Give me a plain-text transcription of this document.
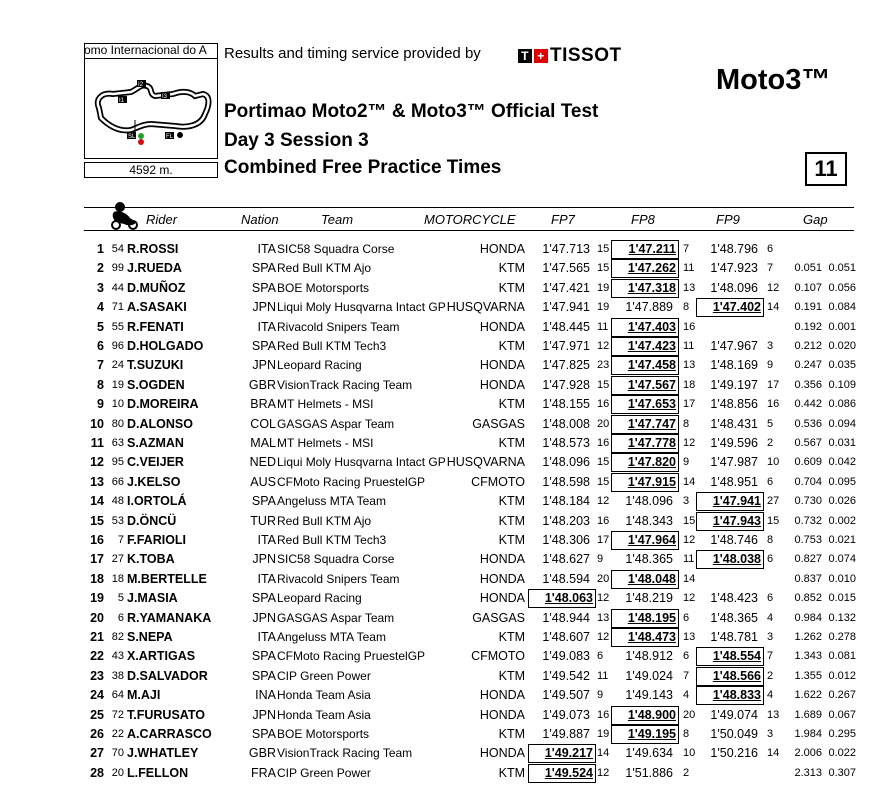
I2
I1
I3
SL	FL
omo Internacional do A
4592 m.
Results and timing service provided by	T + TISSOT
Moto3™
Portimao Moto2™ & Moto3™ Official Test
Day 3 Session 3
Combined Free Practice Times	11
Rider	Nation	Team	MOTORCYCLE	FP7	FP8	FP9	Gap
1 54 R.ROSSI	ITA SIC58 Squadra Corse	HONDA	1'47.713 15	1'47.211 7	1'48.796 6
2 99 J.RUEDA	SPA Red Bull KTM Ajo	KTM	1'47.565 15	1'47.262 11	1'47.923 7	0.051 0.051
3 44 D.MUÑOZ	SPA BOE Motorsports	KTM	1'47.421 19	1'47.318 13	1'48.096 12	0.107 0.056
4 71 A.SASAKI	JPN Liqui Moly Husqvarna Intact GP HUSQVARNA	1'47.941 19	1'47.889 8	1'47.402 14	0.191 0.084
5 55 R.FENATI	ITA Rivacold Snipers Team	HONDA	1'48.445 11	1'47.403 16	0.192 0.001
6 96 D.HOLGADO	SPA Red Bull KTM Tech3	KTM	1'47.971 12	1'47.423 11	1'47.967 3	0.212 0.020
7 24 T.SUZUKI	JPN Leopard Racing	HONDA	1'47.825 23	1'47.458 13	1'48.169 9	0.247 0.035
8 19 S.OGDEN	GBR VisionTrack Racing Team	HONDA	1'47.928 15	1'47.567 18	1'49.197 17	0.356 0.109
9 10 D.MOREIRA	BRA MT Helmets - MSI	KTM	1'48.155 16	1'47.653 17	1'48.856 16	0.442 0.086
10 80 D.ALONSO	COL GASGAS Aspar Team	GASGAS	1'48.008 20	1'47.747 8	1'48.431 5	0.536 0.094
11 63 S.AZMAN	MAL MT Helmets - MSI	KTM	1'48.573 16	1'47.778 12	1'49.596 2	0.567 0.031
12 95 C.VEIJER	NED Liqui Moly Husqvarna Intact GP HUSQVARNA	1'48.096 15	1'47.820 9	1'47.987 10	0.609 0.042
13 66 J.KELSO	AUS CFMoto Racing PruestelGP	CFMOTO	1'48.598 15	1'47.915 14	1'48.951 6	0.704 0.095
14 48 I.ORTOLÁ	SPA Angeluss MTA Team	KTM	1'48.184 12	1'48.096 3	1'47.941 27	0.730 0.026
15 53 D.ÖNCÜ	TUR Red Bull KTM Ajo	KTM	1'48.203 16	1'48.343 15	1'47.943 15	0.732 0.002
16	7 F.FARIOLI	ITA Red Bull KTM Tech3	KTM	1'48.306 17	1'47.964 12	1'48.746 8	0.753 0.021
17 27 K.TOBA	JPN SIC58 Squadra Corse	HONDA	1'48.627 9	1'48.365 11	1'48.038 6	0.827 0.074
18 18 M.BERTELLE	ITA Rivacold Snipers Team	HONDA	1'48.594 20	1'48.048 14	0.837 0.010
19	5 J.MASIA	SPA Leopard Racing	HONDA	1'48.063 12	1'48.219 12	1'48.423 6	0.852 0.015
20	6 R.YAMANAKA	JPN GASGAS Aspar Team	GASGAS	1'48.944 13	1'48.195 6	1'48.365 4	0.984 0.132
21 82 S.NEPA	ITA Angeluss MTA Team	KTM	1'48.607 12	1'48.473 13	1'48.781 3	1.262 0.278
22 43 X.ARTIGAS	SPA CFMoto Racing PruestelGP	CFMOTO	1'49.083 6	1'48.912 6	1'48.554 7	1.343 0.081
23 38 D.SALVADOR	SPA CIP Green Power	KTM	1'49.542 11	1'49.024 7	1'48.566 2	1.355 0.012
24 64 M.AJI	INA Honda Team Asia	HONDA	1'49.507 9	1'49.143 4	1'48.833 4	1.622 0.267
25 72 T.FURUSATO	JPN Honda Team Asia	HONDA	1'49.073 16	1'48.900 20	1'49.074 13	1.689 0.067
26 22 A.CARRASCO	SPA BOE Motorsports	KTM	1'49.887 19	1'49.195 8	1'50.049 3	1.984 0.295
27 70 J.WHATLEY	GBR VisionTrack Racing Team	HONDA	1'49.217 14	1'49.634 10	1'50.216 14	2.006 0.022
28 20 L.FELLON	FRA CIP Green Power	KTM	1'49.524 12	1'51.886 2	2.313 0.307
